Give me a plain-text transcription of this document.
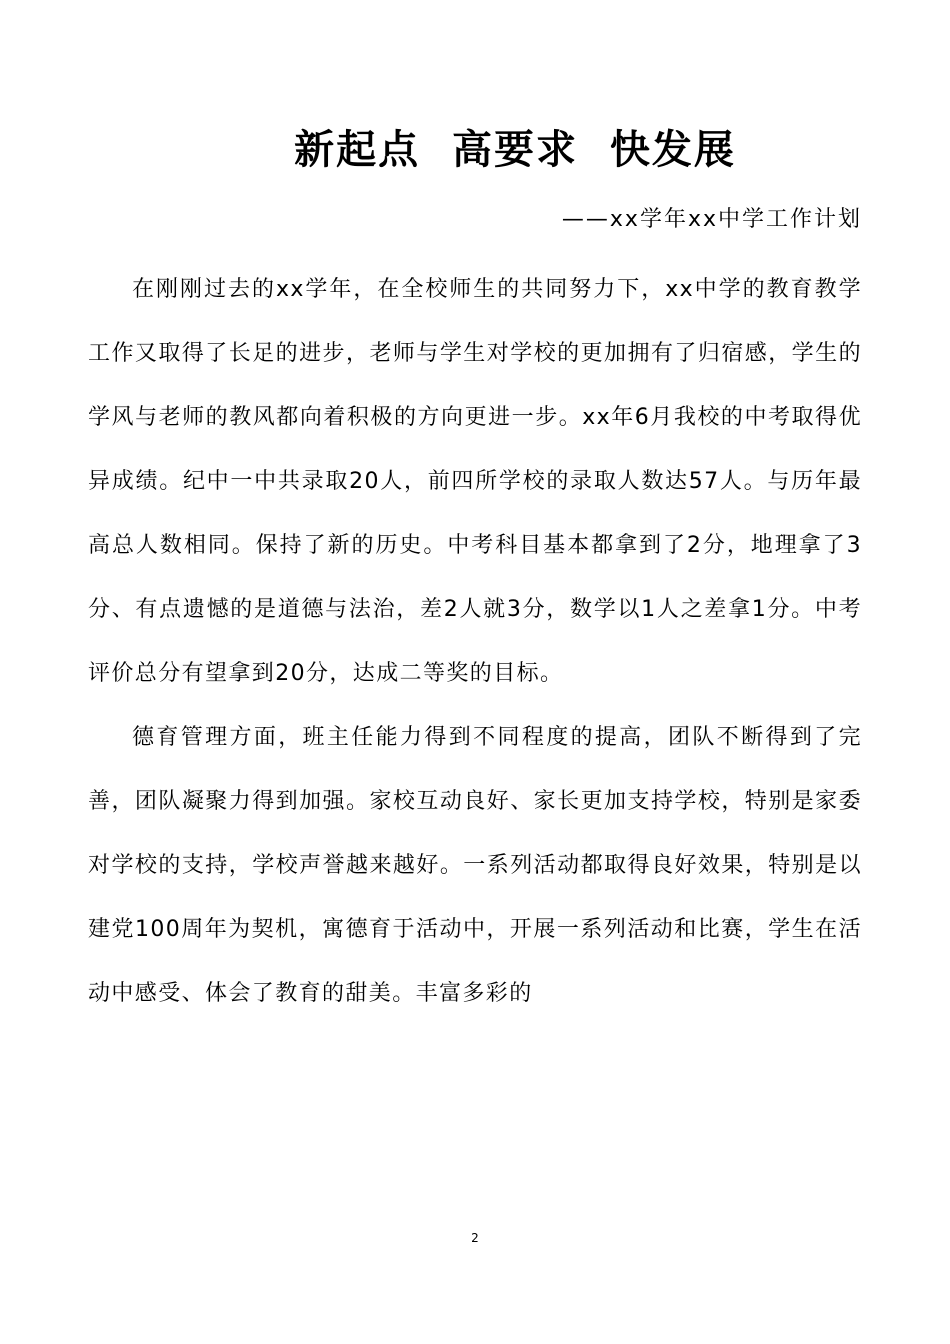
新起点  高要求  快发展
——xx学年xx中学工作计划

在刚刚过去的xx学年，在全校师生的共同努力下，xx中学的教育教学工作又取得了长足的进步，老师与学生对学校的更加拥有了归宿感，学生的学风与老师的教风都向着积极的方向更进一步。xx年6月我校的中考取得优异成绩。纪中一中共录取20人，前四所学校的录取人数达57人。与历年最高总人数相同。保持了新的历史。中考科目基本都拿到了2分，地理拿了3分、有点遗憾的是道德与法治，差2人就3分，数学以1人之差拿1分。中考评价总分有望拿到20分，达成二等奖的目标。

德育管理方面，班主任能力得到不同程度的提高，团队不断得到了完善，团队凝聚力得到加强。家校互动良好、家长更加支持学校，特别是家委对学校的支持，学校声誉越来越好。一系列活动都取得良好效果，特别是以建党100周年为契机，寓德育于活动中，开展一系列活动和比赛，学生在活动中感受、体会了教育的甜美。丰富多彩的

2
